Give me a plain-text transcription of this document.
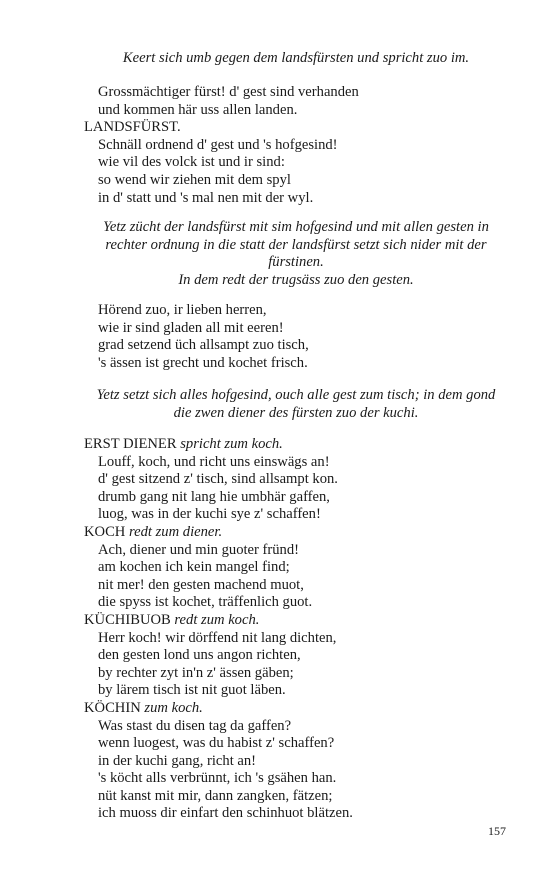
Keert sich umb gegen dem landsfürsten und spricht zuo im.
Grossmächtiger fürst! d' gest sind verhanden
und kommen här uss allen landen.
LANDSFÜRST.
Schnäll ordnend d' gest und 's hofgesind!
wie vil des volck ist und ir sind:
so wend wir ziehen mit dem spyl
in d' statt und 's mal nen mit der wyl.
Yetz zücht der landsfürst mit sim hofgesind und mit allen gesten in
rechter ordnung in die statt der landsfürst setzt sich nider mit der
fürstinen.
In dem redt der trugsäss zuo den gesten.
Hörend zuo, ir lieben herren,
wie ir sind gladen all mit eeren!
grad setzend üch allsampt zuo tisch,
's ässen ist grecht und kochet frisch.
Yetz setzt sich alles hofgesind, ouch alle gest zum tisch; in dem gond
die zwen diener des fürsten zuo der kuchi.
ERST DIENER spricht zum koch.
Louff, koch, und richt uns einswägs an!
d' gest sitzend z' tisch, sind allsampt kon.
drumb gang nit lang hie umbhär gaffen,
luog, was in der kuchi sye z' schaffen!
KOCH redt zum diener.
Ach, diener und min guoter fründ!
am kochen ich kein mangel find;
nit mer! den gesten machend muot,
die spyss ist kochet, träffenlich guot.
KÜCHIBUOB redt zum koch.
Herr koch! wir dörffend nit lang dichten,
den gesten lond uns angon richten,
by rechter zyt in'n z' ässen gäben;
by lärem tisch ist nit guot läben.
KÖCHIN zum koch.
Was stast du disen tag da gaffen?
wenn luogest, was du habist z' schaffen?
in der kuchi gang, richt an!
's köcht alls verbrünnt, ich 's gsähen han.
nüt kanst mit mir, dann zangken, fätzen;
ich muoss dir einfart den schinhuot blätzen.
157
